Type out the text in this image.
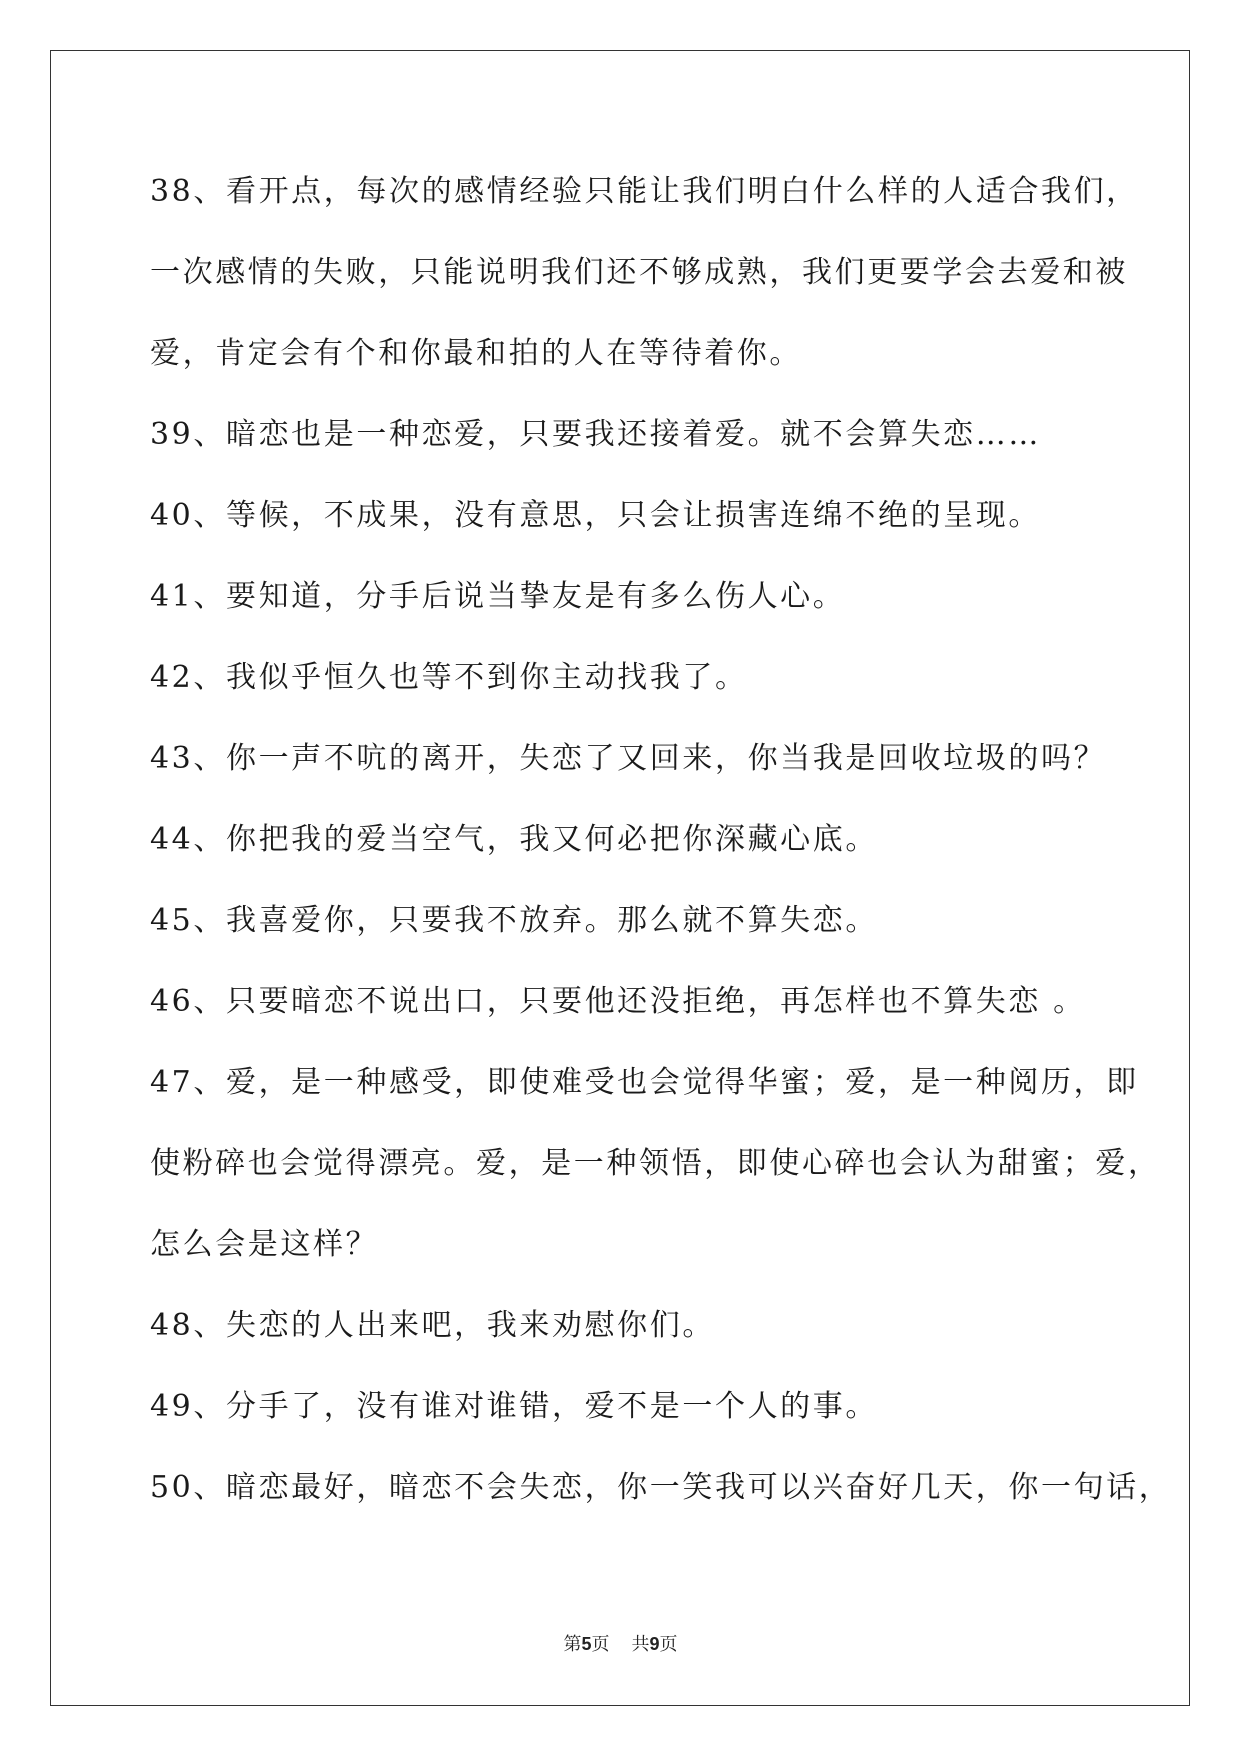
38、看开点，每次的感情经验只能让我们明白什么样的人适合我们，
一次感情的失败，只能说明我们还不够成熟，我们更要学会去爱和被
爱，肯定会有个和你最和拍的人在等待着你。
39、暗恋也是一种恋爱，只要我还接着爱。就不会算失恋……
40、等候，不成果，没有意思，只会让损害连绵不绝的呈现。
41、要知道，分手后说当挚友是有多么伤人心。
42、我似乎恒久也等不到你主动找我了。
43、你一声不吭的离开，失恋了又回来，你当我是回收垃圾的吗？
44、你把我的爱当空气，我又何必把你深藏心底。
45、我喜爱你，只要我不放弃。那么就不算失恋。
46、只要暗恋不说出口，只要他还没拒绝，再怎样也不算失恋 。
47、爱，是一种感受，即使难受也会觉得华蜜；爱，是一种阅历，即
使粉碎也会觉得漂亮。爱，是一种领悟，即使心碎也会认为甜蜜；爱，
怎么会是这样？
48、失恋的人出来吧，我来劝慰你们。
49、分手了，没有谁对谁错，爱不是一个人的事。
50、暗恋最好，暗恋不会失恋，你一笑我可以兴奋好几天，你一句话，
第5页 共9页
